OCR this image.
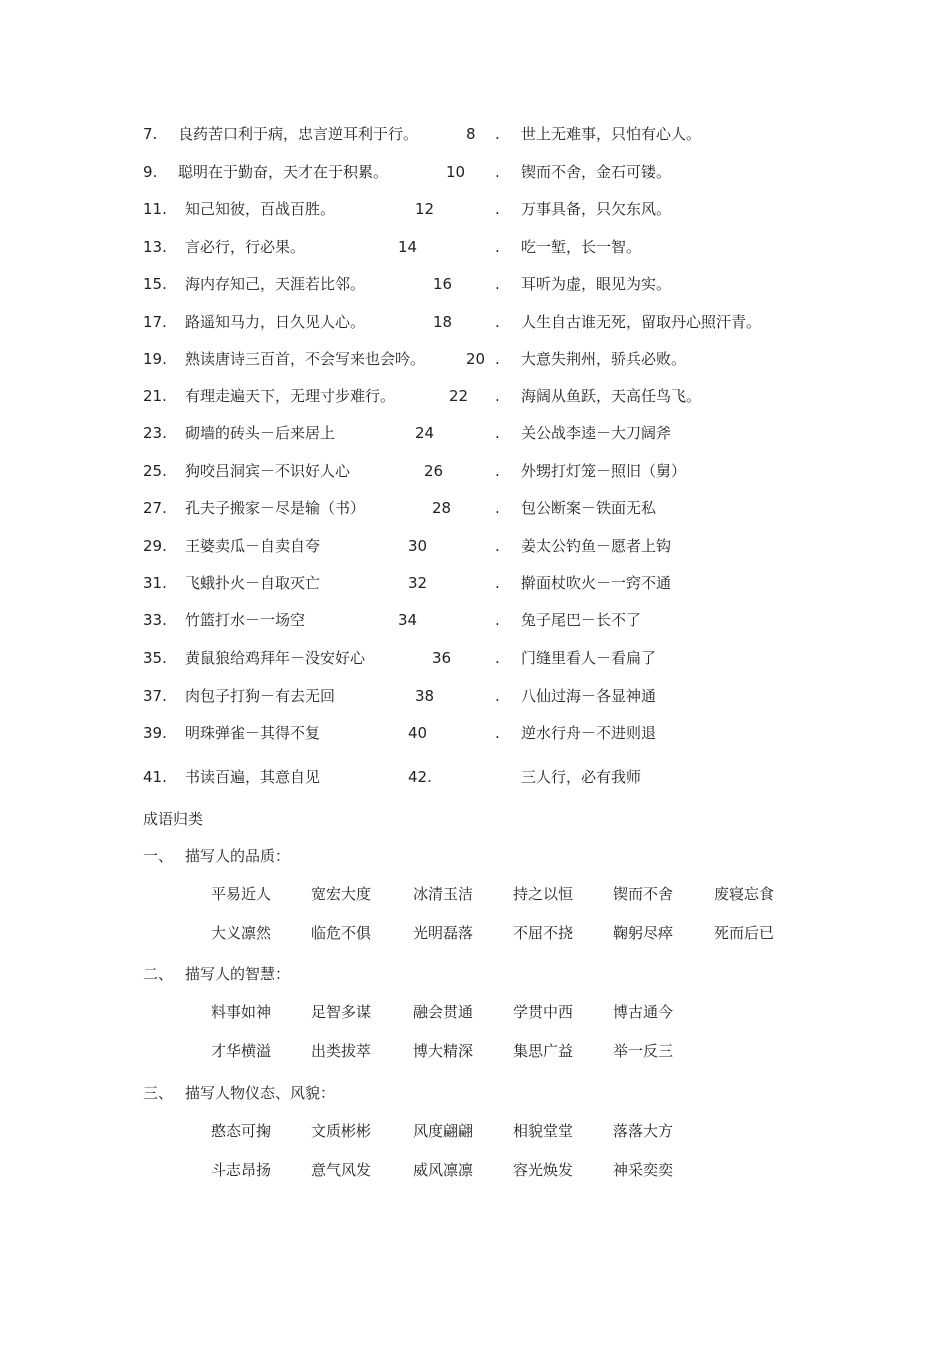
7. 良药苦口利于病，忠言逆耳利于行。	8 . 世上无难事，只怕有心人。
9. 聪明在于勤奋，天才在于积累。	10 . 锲而不舍，金石可镂。
11. 知己知彼，百战百胜。	12	. 万事具备，只欠东风。
13. 言必行，行必果。	14	. 吃一堑，长一智。
15. 海内存知己，天涯若比邻。	16	. 耳听为虚，眼见为实。
17. 路遥知马力，日久见人心。	18	. 人生自古谁无死，留取丹心照汗青。
19. 熟读唐诗三百首，不会写来也会吟。	20 . 大意失荆州，骄兵必败。
21. 有理走遍天下，无理寸步难行。	22 . 海阔从鱼跃，天高任鸟飞。
23. 砌墙的砖头－后来居上	24	. 关公战李逵－大刀阔斧
25. 狗咬吕洞宾－不识好人心	26	. 外甥打灯笼－照旧（舅）
27. 孔夫子搬家－尽是输（书）	28	. 包公断案－铁面无私
29. 王婆卖瓜－自卖自夸	30	. 姜太公钓鱼－愿者上钩
31. 飞蛾扑火－自取灭亡	32	. 擀面杖吹火－一窍不通
33. 竹篮打水－一场空	34	. 兔子尾巴－长不了
35. 黄鼠狼给鸡拜年－没安好心	36	. 门缝里看人－看扁了
37. 肉包子打狗－有去无回	38	. 八仙过海－各显神通
39. 明珠弹雀－其得不复	40	. 逆水行舟－不进则退
41. 书读百遍，其意自见	42.	三人行，必有我师
成语归类
一、 描写人的品质：
平易近人	宽宏大度	冰清玉洁	持之以恒	锲而不舍	废寝忘食
大义凛然	临危不俱	光明磊落	不屈不挠	鞠躬尽瘁	死而后已
二、 描写人的智慧：
料事如神	足智多谋	融会贯通	学贯中西	博古通今
才华横溢	出类拔萃	博大精深	集思广益	举一反三
三、 描写人物仪态、风貌：
憨态可掬	文质彬彬	风度翩翩	相貌堂堂	落落大方
斗志昂扬	意气风发	威风凛凛	容光焕发	神采奕奕
